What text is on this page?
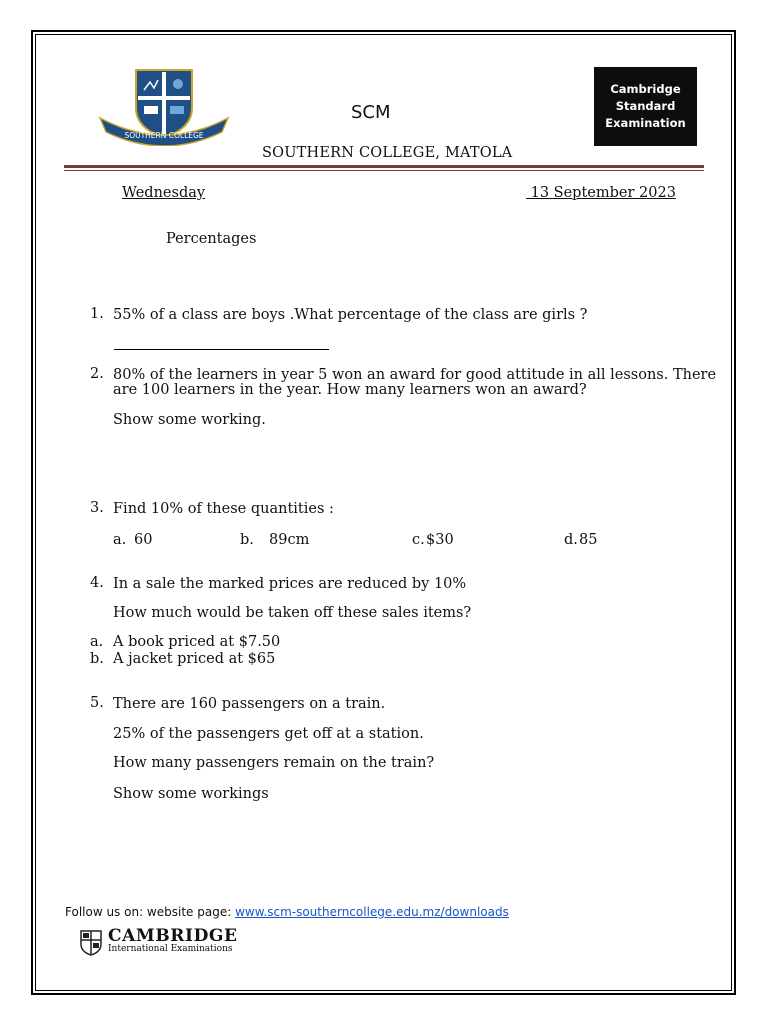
SOUTHERN COLLEGE
SCM
SOUTHERN COLLEGE, MATOLA
Cambridge
Standard
Examination
Wednesday	13 September 2023
Percentages
1. 55% of a class are boys .What percentage of the class are girls ?
2. 80% of the learners in year 5 won an award for good attitude in all lessons. There
are 100 learners in the year. How many learners won an award?
Show some working.
3. Find 10% of these quantities :
a. 60	b. 89cm	c. $30	d. 85
4. In a sale the marked prices are reduced by 10%
How much would be taken off these sales items?
a. A book priced at $7.50
b. A jacket priced at $65
5. There are 160 passengers on a train.
25% of the passengers get off at a station.
How many passengers remain on the train?
Show some workings
Follow us on: website page: www.scm-southerncollege.edu.mz/downloads
CAMBRIDGE
International Examinations
